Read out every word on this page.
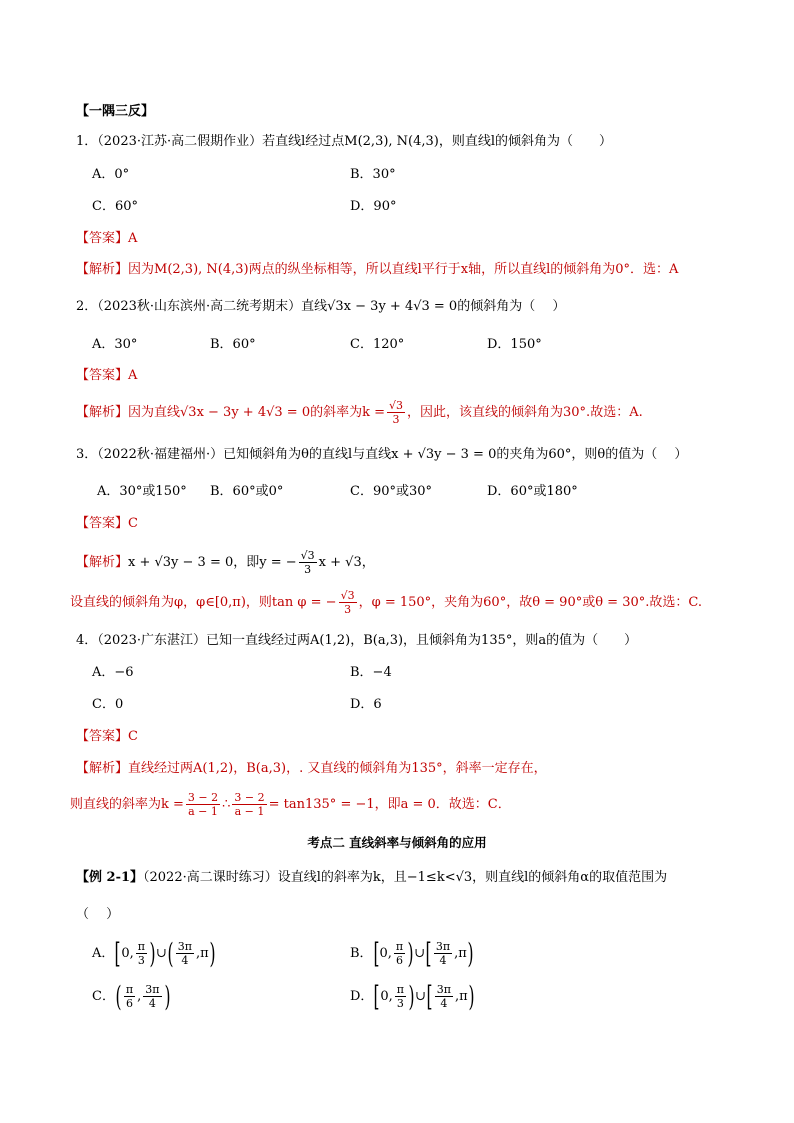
【一隅三反】
1．（2023·江苏·高二假期作业）若直线l经过点M(2,3), N(4,3)，则直线l的倾斜角为（　　）
A．0°	B．30°
C．60°	D．90°
【答案】A
【解析】因为M(2,3), N(4,3)两点的纵坐标相等，所以直线l平行于x轴，所以直线l的倾斜角为0°．选：A
2．（2023秋·山东滨州·高二统考期末）直线√3x − 3y + 4√3 = 0的倾斜角为（　 ）
A．30°	B．60°	C．120°	D．150°
【答案】A
【解析】因为直线√3x − 3y + 4√3 = 0的斜率为$k = \frac{√3}{3}$ ，因此，该直线的倾斜角为30°.故选：A.
3．（2022秋·福建福州·）已知倾斜角为θ的直线l与直线x + √3y − 3 = 0的夹角为60°，则θ的值为（　 ）
A．30°或150° B．60°或0°	C．90°或30°	D．60°或180°
【答案】C
【解析】x + √3y − 3 = 0，即y = − $\frac{√3}{3}$ x + √3，
设直线的倾斜角为φ，φ∈[0,π)，则tan φ = − $\frac{√3}{3}$ ，φ = 150°，夹角为60°，故θ = 90°或θ = 30°.故选：C.
4．（2023·广东湛江）已知一直线经过两A(1,2)，B(a,3)，且倾斜角为135°，则a的值为（　　）
A．−6	B．−4
C．0	D．6
【答案】C
【解析】直线经过两A(1,2)，B(a,3)，. 又直线的倾斜角为135°，斜率一定存在，
则直线的斜率为$k = \frac{3 - 2}{a - 1}$ ∴ $\frac{3 - 2}{a - 1} = \tan 135^\circ = -1$，即a = 0．故选：C．
考点二 直线斜率与倾斜角的应用
【例 2-1】（2022·高二课时练习）设直线l的斜率为k，且−1≤k<√3，则直线l的倾斜角α的取值范围为
（　 ）
A．[0, $\frac{\pi}{3}$ )∪( $\frac{3\pi}{4} ,\pi$)	B．[0, $\frac{\pi}{6}$ )∪[ $\frac{3\pi}{4} ,\pi$)
C．( $\frac{\pi}{6}$ , $\frac{3\pi}{4}$ )	D．[0, $\frac{\pi}{3}$ )∪[ $\frac{3\pi}{4} ,\pi$)
